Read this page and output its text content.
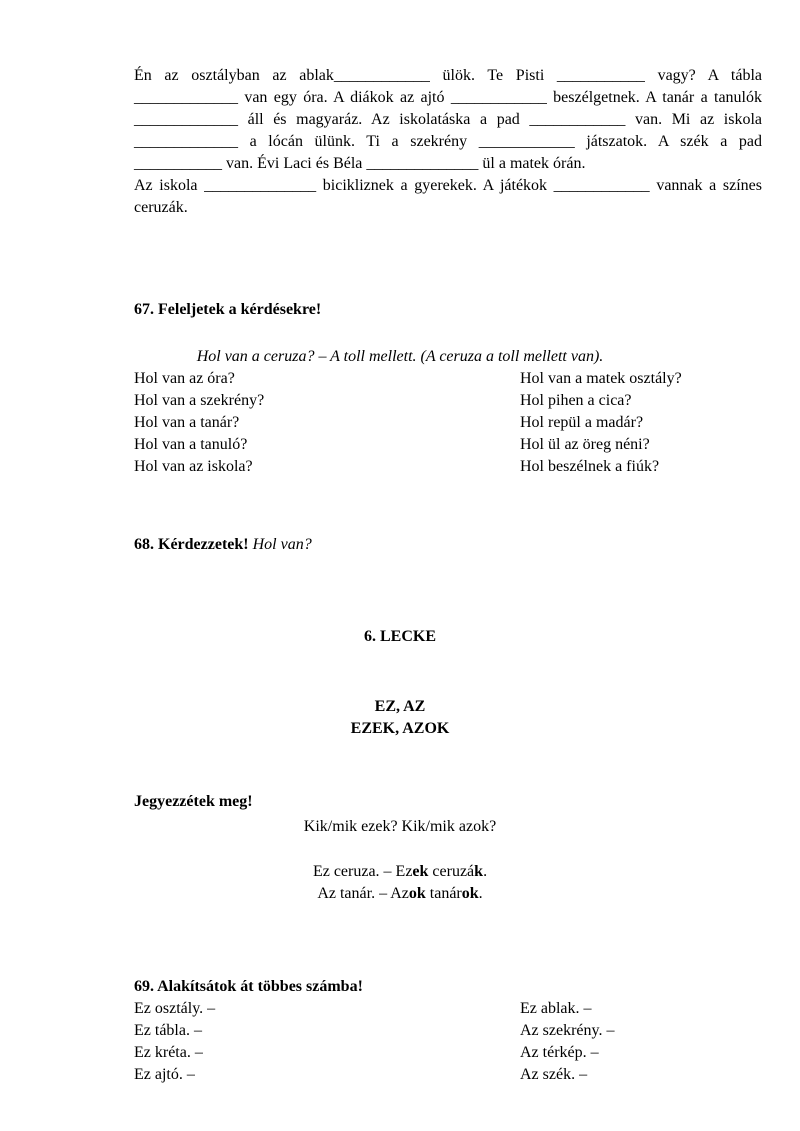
Én az osztályban az ablak____________ ülök. Te Pisti ___________ vagy? A tábla _____________ van egy óra. A diákok az ajtó ____________ beszélgetnek. A tanár a tanulók _____________ áll és magyaráz. Az iskolatáska a pad ____________ van. Mi az iskola _____________ a lócán ülünk. Ti a szekrény ____________ játszatok. A szék a pad ___________ van. Évi Laci és Béla ______________ ül a matek órán.

Az iskola ______________ bicikliznek a gyerekek. A játékok ____________ vannak a színes ceruzák.

67. Feleljetek a kérdésekre!
Hol van a ceruza? – A toll mellett. (A ceruza a toll mellett van).
Hol van az óra?
Hol van a szekrény?
Hol van a tanár?
Hol van a tanuló?
Hol van az iskola?
Hol van a matek osztály?
Hol pihen a cica?
Hol repül a madár?
Hol ül az öreg néni?
Hol beszélnek a fiúk?
68. Kérdezzetek! Hol van?
6. LECKE
EZ, AZ
EZEK, AZOK
Jegyezzétek meg!
Kik/mik ezek? Kik/mik azok?
Ez ceruza. – Ezek ceruzák.
Az tanár. – Azok tanárok.
69. Alakítsátok át többes számba!
Ez osztály. –
Ez tábla. –
Ez kréta. –
Ez ajtó. –
Ez ablak. –
Az szekrény. –
Az térkép. –
Az szék. –
